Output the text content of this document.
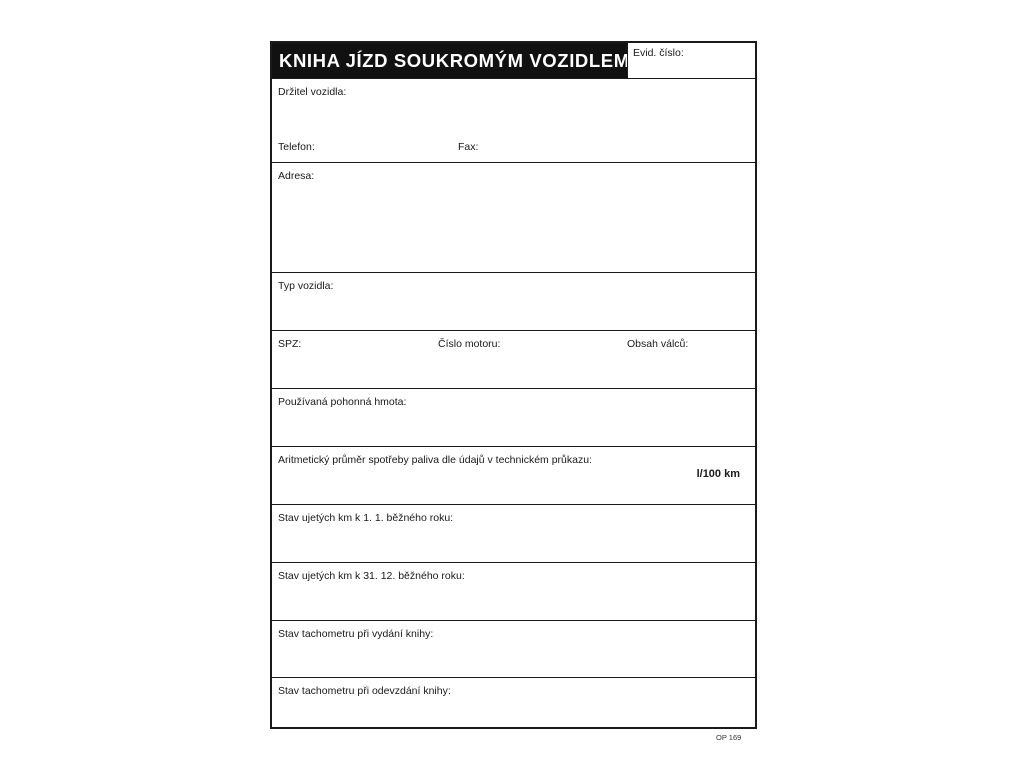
KNIHA JÍZD SOUKROMÝM VOZIDLEM Evid. číslo:
Držitel vozidla:
Telefon:	Fax:
Adresa:
Typ vozidla:
SPZ:	Číslo motoru:	Obsah válců:
Používaná pohonná hmota:
Aritmetický průměr spotřeby paliva dle údajů v technickém průkazu:
l/100 km
Stav ujetých km k 1. 1. běžného roku:
Stav ujetých km k 31. 12. běžného roku:
Stav tachometru při vydání knihy:
Stav tachometru při odevzdání knihy:
OP 169
